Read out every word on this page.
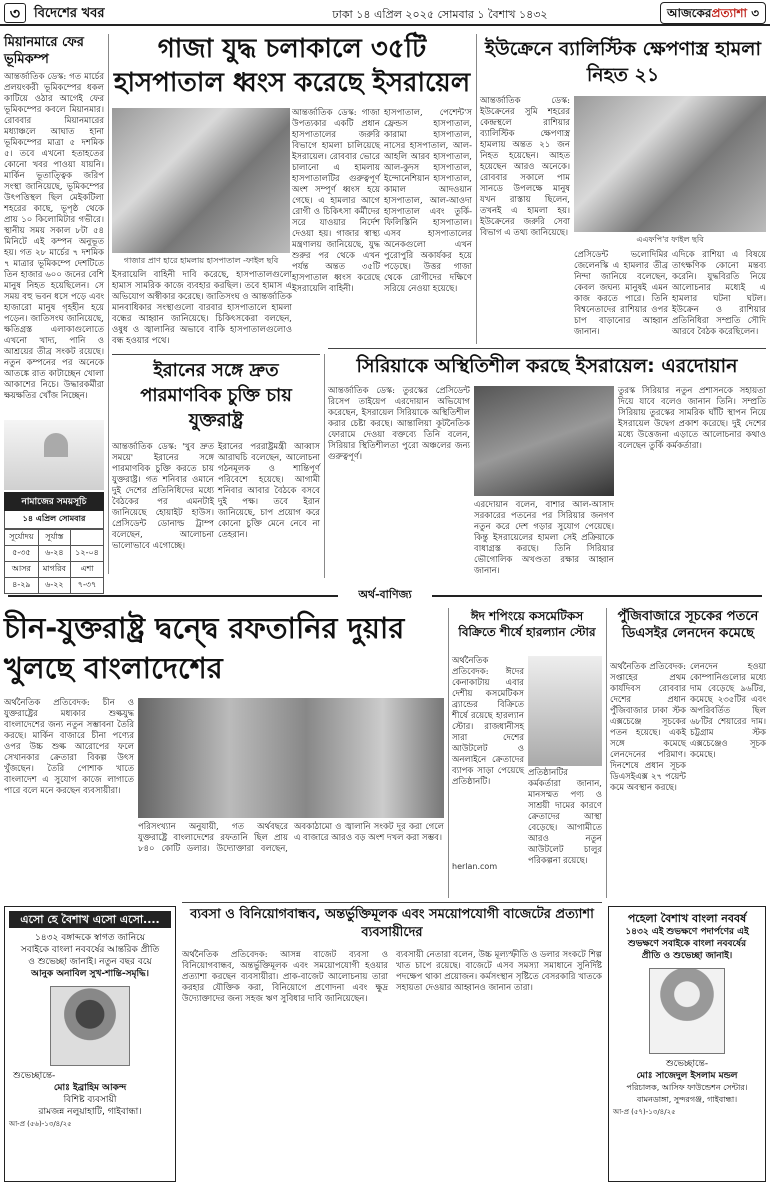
৩	বিদেশের খবর	ঢাকা ১৪ এপ্রিল ২০২৫ সোমবার ১ বৈশাখ ১৪৩২	আজকেরপ্রত্যাশা ৩
মিয়ানমারে ফের ভূমিকম্প
আন্তর্জাতিক ডেস্ক: গত মার্চের প্রলয়ংকরী ভূমিকম্পের ধকল কাটিয়ে ওঠার আগেই ফের ভূমিকম্পের কবলে মিয়ানমার। রোববার মিয়ানমারের মধ্যাঞ্চলে আঘাত হানা ভূমিকম্পের মাত্রা ৫ দশমিক ৫। তবে এখনো হতাহতের কোনো খবর পাওয়া যায়নি। মার্কিন ভূতাত্ত্বিক জরিপ সংস্থা জানিয়েছে, ভূমিকম্পের উৎপত্তিস্থল ছিল মেইকটিলা শহরের কাছে, ভূপৃষ্ঠ থেকে প্রায় ১০ কিলোমিটার গভীরে। স্থানীয় সময় সকাল ৮টা ৫৪ মিনিটে এই কম্পন অনুভূত হয়। গত ২৮ মার্চের ৭ দশমিক ৭ মাত্রার ভূমিকম্পে দেশটিতে তিন হাজার ৬০০ জনের বেশি মানুষ নিহত হয়েছিলেন। সে সময় বহু ভবন ধসে পড়ে এবং হাজারো মানুষ গৃহহীন হয়ে পড়েন। জাতিসংঘ জানিয়েছে, ক্ষতিগ্রস্ত এলাকাগুলোতে এখনো খাদ্য, পানি ও আশ্রয়ের তীব্র সংকট রয়েছে। নতুন কম্পনের পর অনেকে আতঙ্কে রাত কাটাচ্ছেন খোলা আকাশের নিচে। উদ্ধারকর্মীরা ক্ষয়ক্ষতির খোঁজ নিচ্ছেন।
নামাজের সময়সূচি
১৪ এপ্রিল সোমবার
সূর্যোদয়	সূর্যাস্ত	
৫-৩৫	৬-২৪	১২-০৪
আসর	মাগরিব	এশা
৪-২৯	৬-২২	৭-৩৭
গাজা যুদ্ধ চলাকালে ৩৫টি হাসপাতাল ধ্বংস করেছে ইসরায়েল
গাজার প্রাণ হারে হামলায় হাসপাতাল -ফাইল ছবি
আন্তর্জাতিক ডেস্ক: গাজা উপত্যকার একটি প্রধান হাসপাতালের জরুরি বিভাগে হামলা চালিয়েছে ইসরায়েল। রোববার ভোরে চালানো এ হামলায় হাসপাতালটির গুরুত্বপূর্ণ অংশ সম্পূর্ণ ধ্বংস হয়ে গেছে। এ হামলার আগে রোগী ও চিকিৎসা কর্মীদের সরে যাওয়ার নির্দেশ দেওয়া হয়। গাজার স্বাস্থ্য মন্ত্রণালয় জানিয়েছে, যুদ্ধ শুরুর পর থেকে এখন পর্যন্ত অন্তত ৩৫টি হাসপাতাল ধ্বংস করেছে ইসরায়েলি বাহিনী।
হাসপাতাল, পেশেন্ট'স ফ্রেন্ডস হাসপাতাল, কারামা হাসপাতাল, নাসের হাসপাতাল, আল-আহলি আরব হাসপাতাল, আল-কুদস হাসপাতাল, ইন্দোনেশিয়ান হাসপাতাল, কামাল আদওয়ান হাসপাতাল, আল-আওদা হাসপাতাল এবং তুর্কি-ফিলিস্তিনি হাসপাতাল। এসব হাসপাতালের অনেকগুলো এখন পুরোপুরি অকার্যকর হয়ে পড়েছে। উত্তর গাজা থেকে রোগীদের দক্ষিণে সরিয়ে নেওয়া হয়েছে।
ইসরায়েলি বাহিনী দাবি করেছে, হাসপাতালগুলো হামাস সামরিক কাজে ব্যবহার করছিল। তবে হামাস এ অভিযোগ অস্বীকার করেছে। জাতিসংঘ ও আন্তর্জাতিক মানবাধিকার সংস্থাগুলো বারবার হাসপাতালে হামলা বন্ধের আহ্বান জানিয়েছে। চিকিৎসকেরা বলছেন, ওষুধ ও জ্বালানির অভাবে বাকি হাসপাতালগুলোও বন্ধ হওয়ার পথে।
ইউক্রেনে ব্যালিস্টিক ক্ষেপণাস্ত্র হামলা নিহত ২১
আন্তর্জাতিক ডেস্ক: ইউক্রেনের সুমি শহরের কেন্দ্রস্থলে রাশিয়ার ব্যালিস্টিক ক্ষেপণাস্ত্র হামলায় অন্তত ২১ জন নিহত হয়েছেন। আহত হয়েছেন আরও অনেকে। রোববার সকালে পাম সানডে উপলক্ষে মানুষ যখন রাস্তায় ছিলেন, তখনই এ হামলা হয়। ইউক্রেনের জরুরি সেবা বিভাগ এ তথ্য জানিয়েছে।
এএফপি'র ফাইল ছবি
প্রেসিডেন্ট ভলোদিমির জেলেনস্কি এ হামলার তীব্র নিন্দা জানিয়ে বলেছেন, কেবল জঘন্য মানুষই এমন কাজ করতে পারে। তিনি বিশ্বনেতাদের রাশিয়ার ওপর চাপ বাড়ানোর আহ্বান জানান।
এদিকে রাশিয়া এ বিষয়ে তাৎক্ষণিক কোনো মন্তব্য করেনি। যুদ্ধবিরতি নিয়ে আলোচনার মধ্যেই এ হামলার ঘটনা ঘটল। ইউক্রেন ও রাশিয়ার প্রতিনিধিরা সম্প্রতি সৌদি আরবে বৈঠক করেছিলেন।
ইরানের সঙ্গে দ্রুত পারমাণবিক চুক্তি চায় যুক্তরাষ্ট্র
আন্তর্জাতিক ডেস্ক: 'খুব দ্রুত সময়ে' ইরানের সঙ্গে পারমাণবিক চুক্তি করতে চায় যুক্তরাষ্ট্র। গত শনিবার ওমানে দুই দেশের প্রতিনিধিদের মধ্যে বৈঠকের পর এমনটাই জানিয়েছে হোয়াইট হাউস। প্রেসিডেন্ট ডোনাল্ড ট্রাম্প বলেছেন, আলোচনা ভালোভাবে এগোচ্ছে।
ইরানের পররাষ্ট্রমন্ত্রী আব্বাস আরাঘচি বলেছেন, আলোচনা গঠনমূলক ও শান্তিপূর্ণ পরিবেশে হয়েছে। আগামী শনিবার আবার বৈঠকে বসবে দুই পক্ষ। তবে ইরান জানিয়েছে, চাপ প্রয়োগ করে কোনো চুক্তি মেনে নেবে না তেহরান।
সিরিয়াকে অস্থিতিশীল করছে ইসরায়েল: এরদোয়ান
আন্তর্জাতিক ডেস্ক: তুরস্কের প্রেসিডেন্ট রিসেপ তাইয়েপ এরদোয়ান অভিযোগ করেছেন, ইসরায়েল সিরিয়াকে অস্থিতিশীল করার চেষ্টা করছে। আন্তালিয়া কূটনৈতিক ফোরামে দেওয়া বক্তব্যে তিনি বলেন, সিরিয়ার স্থিতিশীলতা পুরো অঞ্চলের জন্য গুরুত্বপূর্ণ।
এরদোয়ান বলেন, বাশার আল-আসাদ সরকারের পতনের পর সিরিয়ার জনগণ নতুন করে দেশ গড়ার সুযোগ পেয়েছে। কিন্তু ইসরায়েলের হামলা সেই প্রক্রিয়াকে বাধাগ্রস্ত করছে। তিনি সিরিয়ার ভৌগোলিক অখণ্ডতা রক্ষার আহ্বান জানান।
তুরস্ক সিরিয়ার নতুন প্রশাসনকে সহায়তা দিয়ে যাবে বলেও জানান তিনি। সম্প্রতি সিরিয়ায় তুরস্কের সামরিক ঘাঁটি স্থাপন নিয়ে ইসরায়েল উদ্বেগ প্রকাশ করেছে। দুই দেশের মধ্যে উত্তেজনা এড়াতে আলোচনার কথাও বলেছেন তুর্কি কর্মকর্তারা।
অর্থ-বাণিজ্য
চীন-যুক্তরাষ্ট্র দ্বন্দ্বে রফতানির দুয়ার খুলছে বাংলাদেশের
অর্থনৈতিক প্রতিবেদক: চীন ও যুক্তরাষ্ট্রের মধ্যকার শুল্কযুদ্ধ বাংলাদেশের জন্য নতুন সম্ভাবনা তৈরি করছে। মার্কিন বাজারে চীনা পণ্যের ওপর উচ্চ শুল্ক আরোপের ফলে সেখানকার ক্রেতারা বিকল্প উৎস খুঁজছেন। তৈরি পোশাক খাতে বাংলাদেশ এ সুযোগ কাজে লাগাতে পারে বলে মনে করছেন ব্যবসায়ীরা।
পরিসংখ্যান অনুযায়ী, গত অর্থবছরে যুক্তরাষ্ট্রে বাংলাদেশের রফতানি ছিল প্রায় ৮৪০ কোটি ডলার। উদ্যোক্তারা বলছেন, অবকাঠামো ও জ্বালানি সংকট দূর করা গেলে এ বাজারে আরও বড় অংশ দখল করা সম্ভব।
ঈদ শপিংয়ে কসমেটিকস বিক্রিতে শীর্ষে হারল্যান স্টোর
অর্থনৈতিক প্রতিবেদক: ঈদের কেনাকাটায় এবার দেশীয় কসমেটিকস ব্র্যান্ডের বিক্রিতে শীর্ষে রয়েছে হারল্যান স্টোর। রাজধানীসহ সারা দেশের আউটলেট ও অনলাইনে ক্রেতাদের ব্যাপক সাড়া পেয়েছে প্রতিষ্ঠানটি।
প্রতিষ্ঠানটির কর্মকর্তারা জানান, মানসম্মত পণ্য ও সাশ্রয়ী দামের কারণে ক্রেতাদের আস্থা বেড়েছে। আগামীতে আরও নতুন আউটলেট চালুর পরিকল্পনা রয়েছে।
herlan.com
পুঁজিবাজারে সূচকের পতনে ডিএসইর লেনদেন কমেছে
অর্থনৈতিক প্রতিবেদক: সপ্তাহের প্রথম কার্যদিবস রোববার দেশের প্রধান পুঁজিবাজার ঢাকা স্টক এক্সচেঞ্জে সূচকের পতন হয়েছে। একই সঙ্গে কমেছে লেনদেনের পরিমাণ। দিনশেষে প্রধান সূচক ডিএসইএক্স ২৭ পয়েন্ট কমে অবস্থান করছে।
লেনদেন হওয়া কোম্পানিগুলোর মধ্যে দাম বেড়েছে ৯৬টির, কমেছে ২৩৫টির এবং অপরিবর্তিত ছিল ৬৮টির শেয়ারের দাম। চট্টগ্রাম স্টক এক্সচেঞ্জেও সূচক কমেছে।
ব্যবসা ও বিনিয়োগবান্ধব, অন্তর্ভুক্তিমূলক এবং সময়োপযোগী বাজেটের প্রত্যাশা ব্যবসায়ীদের
অর্থনৈতিক প্রতিবেদক: আসন্ন বাজেট ব্যবসা ও বিনিয়োগবান্ধব, অন্তর্ভুক্তিমূলক এবং সময়োপযোগী হওয়ার প্রত্যাশা করছেন ব্যবসায়ীরা। প্রাক-বাজেট আলোচনায় তারা করহার যৌক্তিক করা, বিনিয়োগে প্রণোদনা এবং ক্ষুদ্র উদ্যোক্তাদের জন্য সহজ ঋণ সুবিধার দাবি জানিয়েছেন।
ব্যবসায়ী নেতারা বলেন, উচ্চ মূল্যস্ফীতি ও ডলার সংকটে শিল্প খাত চাপে রয়েছে। বাজেটে এসব সমস্যা সমাধানে সুনির্দিষ্ট পদক্ষেপ থাকা প্রয়োজন। কর্মসংস্থান সৃষ্টিতে বেসরকারি খাতকে সহায়তা দেওয়ার আহ্বানও জানান তারা।
এসো হে বৈশাখ এসো এসো....
১৪৩২ বঙ্গাব্দকে স্বাগত জানিয়ে
সবাইকে বাংলা নববর্ষের আন্তরিক প্রীতি
ও শুভেচ্ছা জানাই। নতুন বছর বয়ে
আনুক অনাবিল সুখ-শান্তি-সমৃদ্ধি।
শুভেচ্ছান্তে-
মোঃ ইব্রাহিম আকন্দ
বিশিষ্ট ব্যবসায়ী
রামজন্ন নলুয়াহাটি, গাইবান্ধা।
আ-প্র (৫৬)-১৩/৪/২৫
পহেলা বৈশাখ বাংলা নববর্ষ
১৪৩২ এই শুভক্ষণে পদার্পণের এই
শুভক্ষণে সবাইকে বাংলা নববর্ষের
প্রীতি ও শুভেচ্ছা জানাই।
শুভেচ্ছান্তে-
মোঃ সাজেদুল ইসলাম মন্ডল
পরিচালক, আসিফ ফাউন্ডেশন সেন্টার।
বামনডাঙ্গা, সুন্দরগঞ্জ, গাইবান্ধা।
আ-প্র (৫৭)-১৩/৪/২৫
